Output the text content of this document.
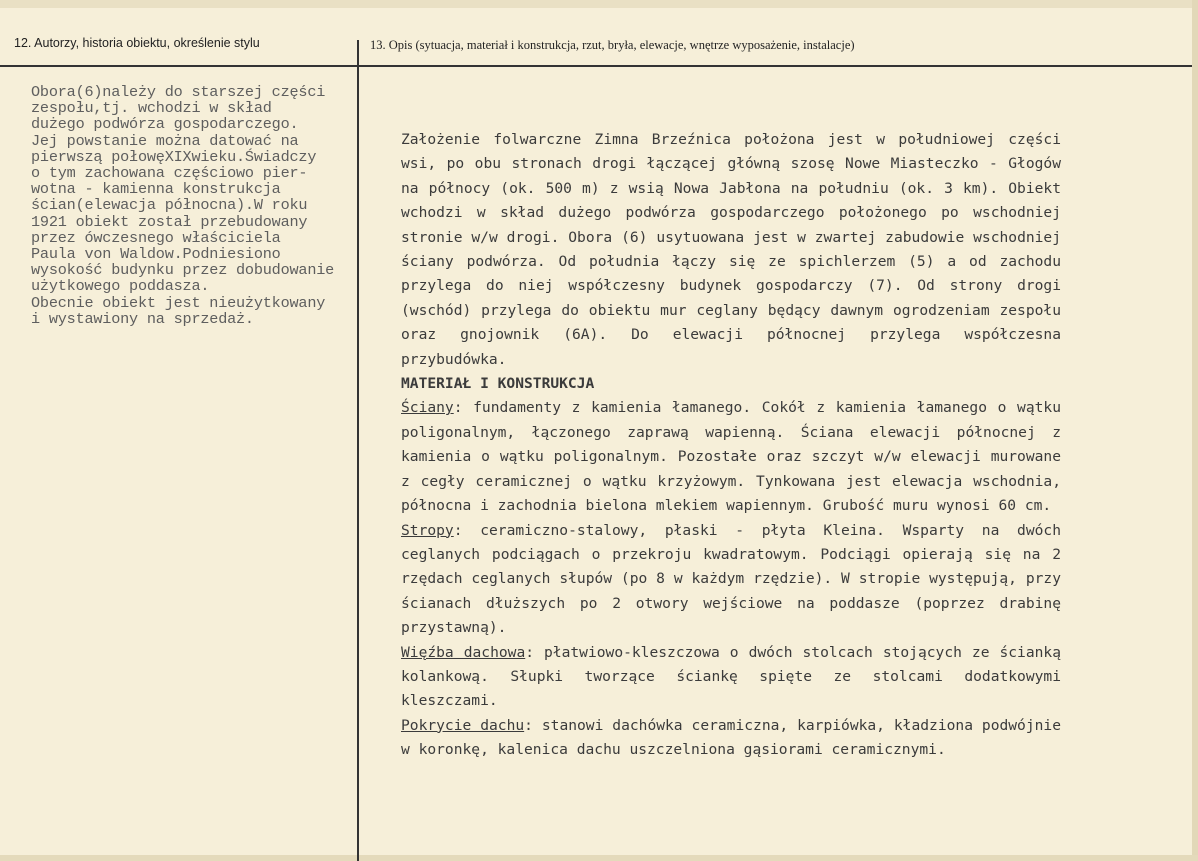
12. Autorzy, historia obiektu, określenie stylu	13. Opis (sytuacja, materiał i konstrukcja, rzut, bryła, elewacje, wnętrze wyposażenie, instalacje)
Obora(6)należy do starszej części
zespołu,tj. wchodzi w skład
dużego podwórza gospodarczego.
Jej powstanie można datować na
pierwszą połowęXIXwieku.Świadczy
o tym zachowana częściowo pier-
wotna - kamienna konstrukcja
ścian(elewacja północna).W roku
1921 obiekt został przebudowany
przez ówczesnego właściciela
Paula von Waldow.Podniesiono
wysokość budynku przez dobudowanie
użytkowego poddasza.
Obecnie obiekt jest nieużytkowany
i wystawiony na sprzedaż.

Założenie folwarczne Zimna Brzeźnica położona jest w południowej części wsi, po obu stronach drogi łączącej główną szosę Nowe Miasteczko - Głogów na północy (ok. 500 m) z wsią Nowa Jabłona na południu (ok. 3 km). Obiekt wchodzi w skład dużego podwórza gospodarczego położonego po wschodniej stronie w/w drogi. Obora (6) usytuowana jest w zwartej zabudowie wschodniej ściany podwórza. Od południa łączy się ze spichlerzem (5) a od zachodu przylega do niej współczesny budynek gospodarczy (7). Od strony drogi (wschód) przylega do obiektu mur ceglany będący dawnym ogrodzeniam zespołu oraz gnojownik (6A). Do elewacji północnej przylega współczesna przybudówka.

MATERIAŁ I KONSTRUKCJA

Ściany: fundamenty z kamienia łamanego. Cokół z kamienia łamanego o wątku poligonalnym, łączonego zaprawą wapienną. Ściana elewacji północnej z kamienia o wątku poligonalnym. Pozostałe oraz szczyt w/w elewacji murowane z cegły ceramicznej o wątku krzyżowym. Tynkowana jest elewacja wschodnia, północna i zachodnia bielona mlekiem wapiennym. Grubość muru wynosi 60 cm.

Stropy: ceramiczno-stalowy, płaski - płyta Kleina. Wsparty na dwóch ceglanych podciągach o przekroju kwadratowym. Podciągi opierają się na 2 rzędach ceglanych słupów (po 8 w każdym rzędzie). W stropie występują, przy ścianach dłuższych po 2 otwory wejściowe na poddasze (poprzez drabinę przystawną).

Więźba dachowa: płatwiowo-kleszczowa o dwóch stolcach stojących ze ścianką kolankową. Słupki tworzące ściankę spięte ze stolcami dodatkowymi kleszczami.

Pokrycie dachu: stanowi dachówka ceramiczna, karpiówka, kładziona podwójnie w koronkę, kalenica dachu uszczelniona gąsiorami ceramicznymi.
